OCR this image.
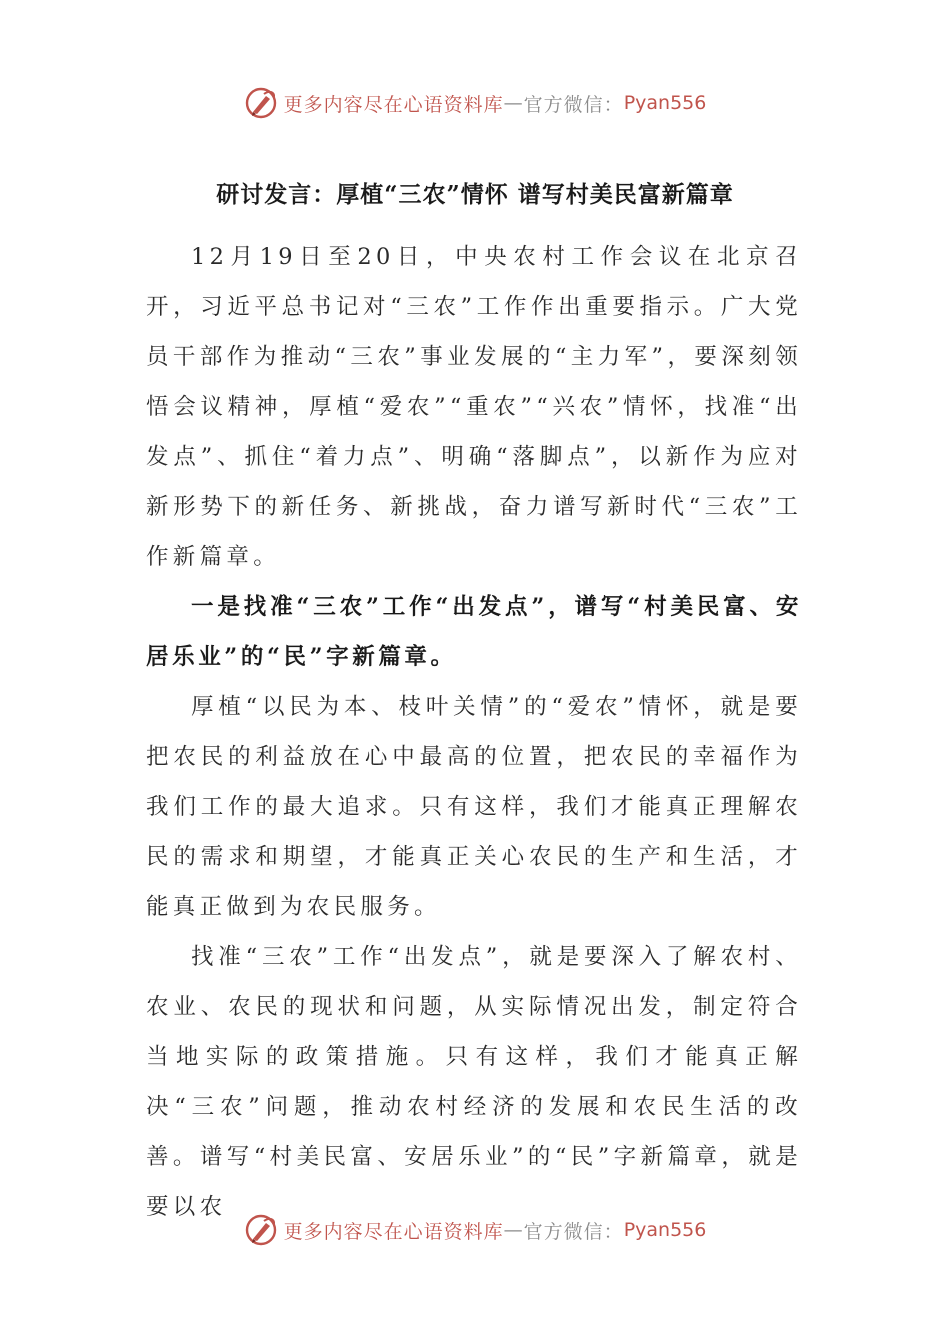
更多内容尽在心语资料库 — 官方微信： Pyan556
研讨发言：厚植“三农”情怀 谱写村美民富新篇章

12月19日至20日，中央农村工作会议在北京召开，习近平总书记对“三农”工作作出重要指示。广大党员干部作为推动“三农”事业发展的“主力军”，要深刻领悟会议精神，厚植“爱农”“重农”“兴农”情怀，找准“出发点”、抓住“着力点”、明确“落脚点”，以新作为应对新形势下的新任务、新挑战，奋力谱写新时代“三农”工作新篇章。

一是找准“三农”工作“出发点”，谱写“村美民富、安居乐业”的“民”字新篇章。

厚植“以民为本、枝叶关情”的“爱农”情怀，就是要把农民的利益放在心中最高的位置，把农民的幸福作为我们工作的最大追求。只有这样，我们才能真正理解农民的需求和期望，才能真正关心农民的生产和生活，才能真正做到为农民服务。

找准“三农”工作“出发点”，就是要深入了解农村、农业、农民的现状和问题，从实际情况出发，制定符合当地实际的政策措施。只有这样，我们才能真正解决“三农”问题，推动农村经济的发展和农民生活的改善。谱写“村美民富、安居乐业”的“民”字新篇章，就是要以农

更多内容尽在心语资料库 — 官方微信： Pyan556
